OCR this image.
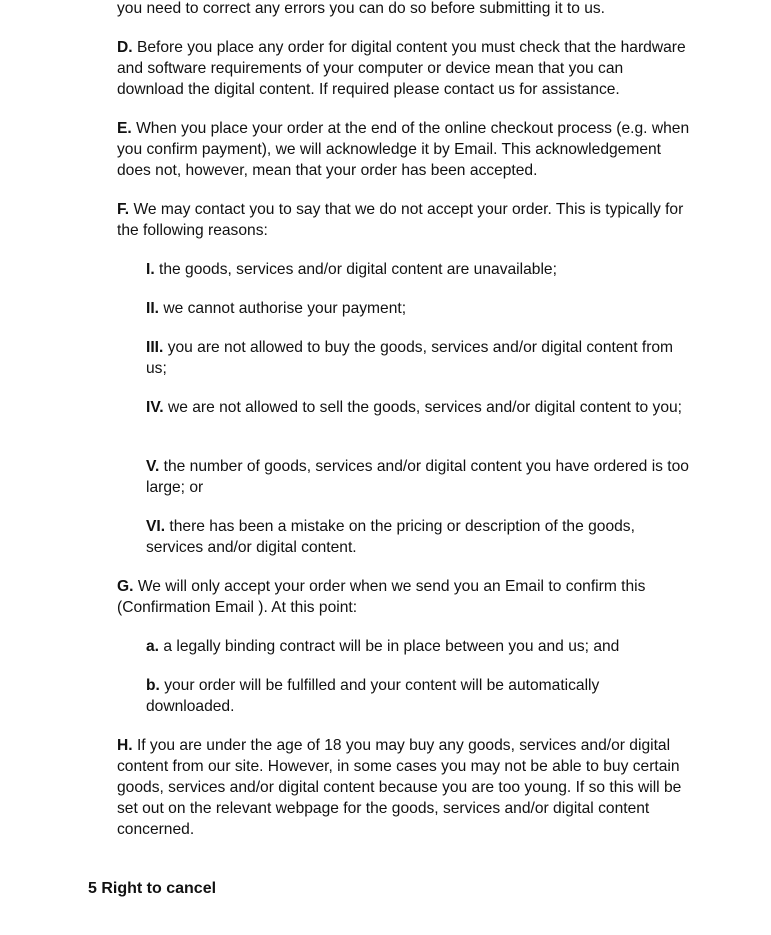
you need to correct any errors you can do so before submitting it to us.

D. Before you place any order for digital content you must check that the hardware and software requirements of your computer or device mean that you can download the digital content. If required please contact us for assistance.

E. When you place your order at the end of the online checkout process (e.g. when you confirm payment), we will acknowledge it by Email. This acknowledgement does not, however, mean that your order has been accepted.

F. We may contact you to say that we do not accept your order. This is typically for the following reasons:

I. the goods, services and/or digital content are unavailable;

II. we cannot authorise your payment;

III. you are not allowed to buy the goods, services and/or digital content from us;

IV. we are not allowed to sell the goods, services and/or digital content to you;

V. the number of goods, services and/or digital content you have ordered is too large; or

VI. there has been a mistake on the pricing or description of the goods, services and/or digital content.

G. We will only accept your order when we send you an Email to confirm this (Confirmation Email ). At this point:

a. a legally binding contract will be in place between you and us; and

b. your order will be fulfilled and your content will be automatically downloaded.

H. If you are under the age of 18 you may buy any goods, services and/or digital content from our site. However, in some cases you may not be able to buy certain goods, services and/or digital content because you are too young. If so this will be set out on the relevant webpage for the goods, services and/or digital content concerned.

5 Right to cancel
